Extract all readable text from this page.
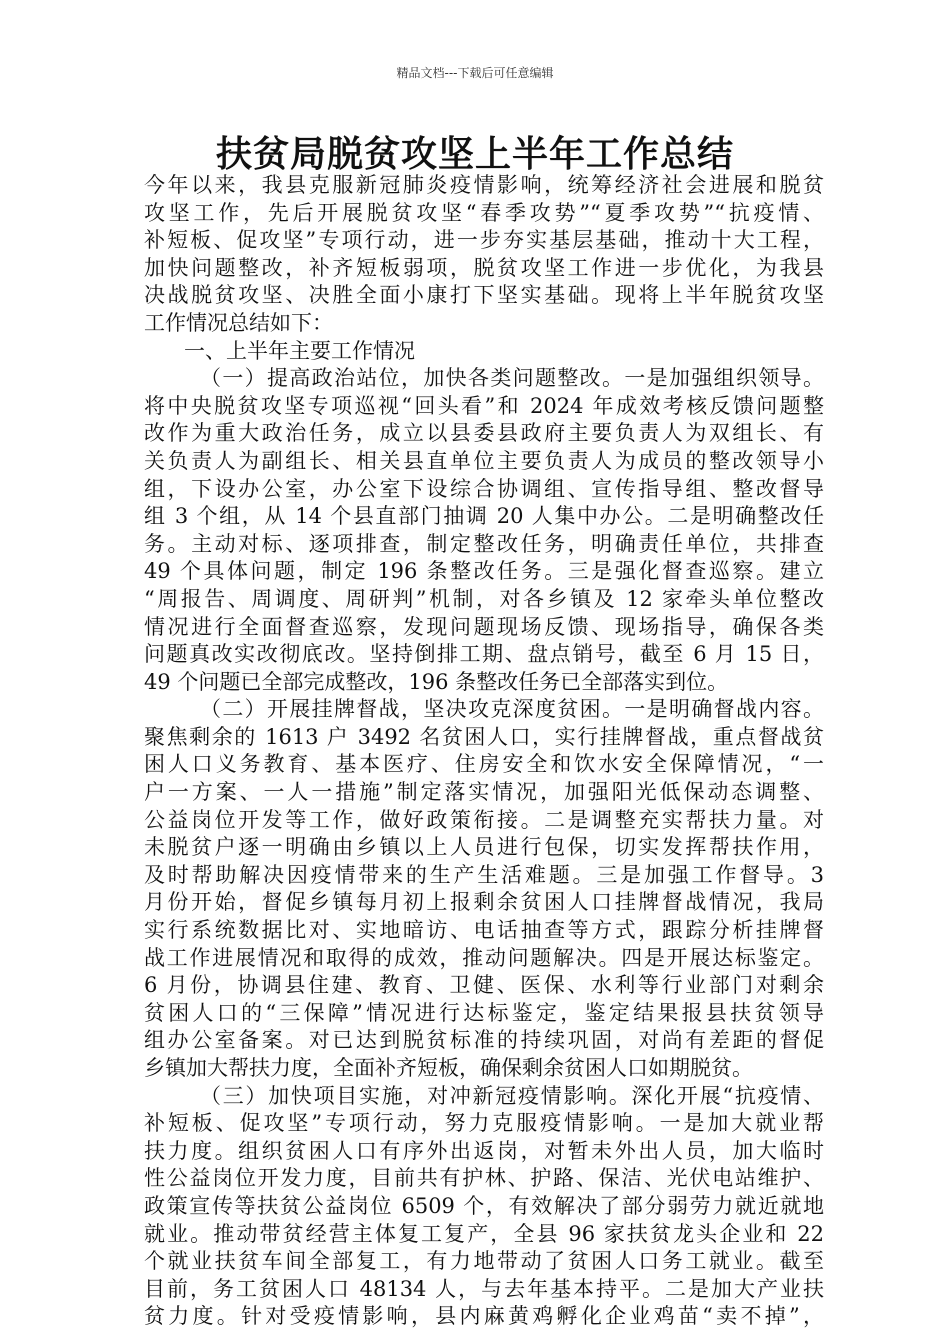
精品文档---下载后可任意编辑
扶贫局脱贫攻坚上半年工作总结
今年以来，我县克服新冠肺炎疫情影响，统筹经济社会进展和脱贫
攻坚工作，先后开展脱贫攻坚“春季攻势”“夏季攻势”“抗疫情、
补短板、促攻坚”专项行动，进一步夯实基层基础，推动十大工程，
加快问题整改，补齐短板弱项，脱贫攻坚工作进一步优化，为我县
决战脱贫攻坚、决胜全面小康打下坚实基础。现将上半年脱贫攻坚
工作情况总结如下：
一、上半年主要工作情况
（一）提高政治站位，加快各类问题整改。一是加强组织领导。
将中央脱贫攻坚专项巡视“回头看”和 2024 年成效考核反馈问题整
改作为重大政治任务，成立以县委县政府主要负责人为双组长、有
关负责人为副组长、相关县直单位主要负责人为成员的整改领导小
组，下设办公室，办公室下设综合协调组、宣传指导组、整改督导
组 3 个组，从 14 个县直部门抽调 20 人集中办公。二是明确整改任
务。主动对标、逐项排查，制定整改任务，明确责任单位，共排查
49 个具体问题，制定 196 条整改任务。三是强化督查巡察。建立
“周报告、周调度、周研判”机制，对各乡镇及 12 家牵头单位整改
情况进行全面督查巡察，发现问题现场反馈、现场指导，确保各类
问题真改实改彻底改。坚持倒排工期、盘点销号，截至 6 月 15 日，
49 个问题已全部完成整改，196 条整改任务已全部落实到位。
（二）开展挂牌督战，坚决攻克深度贫困。一是明确督战内容。
聚焦剩余的 1613 户 3492 名贫困人口，实行挂牌督战，重点督战贫
困人口义务教育、基本医疗、住房安全和饮水安全保障情况，“一
户一方案、一人一措施”制定落实情况，加强阳光低保动态调整、
公益岗位开发等工作，做好政策衔接。二是调整充实帮扶力量。对
未脱贫户逐一明确由乡镇以上人员进行包保，切实发挥帮扶作用，
及时帮助解决因疫情带来的生产生活难题。三是加强工作督导。3
月份开始，督促乡镇每月初上报剩余贫困人口挂牌督战情况，我局
实行系统数据比对、实地暗访、电话抽查等方式，跟踪分析挂牌督
战工作进展情况和取得的成效，推动问题解决。四是开展达标鉴定。
6 月份，协调县住建、教育、卫健、医保、水利等行业部门对剩余
贫困人口的“三保障”情况进行达标鉴定，鉴定结果报县扶贫领导
组办公室备案。对已达到脱贫标准的持续巩固，对尚有差距的督促
乡镇加大帮扶力度，全面补齐短板，确保剩余贫困人口如期脱贫。
（三）加快项目实施，对冲新冠疫情影响。深化开展“抗疫情、
补短板、促攻坚”专项行动，努力克服疫情影响。一是加大就业帮
扶力度。组织贫困人口有序外出返岗，对暂未外出人员，加大临时
性公益岗位开发力度，目前共有护林、护路、保洁、光伏电站维护、
政策宣传等扶贫公益岗位 6509 个，有效解决了部分弱劳力就近就地
就业。推动带贫经营主体复工复产，全县 96 家扶贫龙头企业和 22
个就业扶贫车间全部复工，有力地带动了贫困人口务工就业。截至
目前，务工贫困人口 48134 人，与去年基本持平。二是加大产业扶
贫力度。针对受疫情影响，县内麻黄鸡孵化企业鸡苗“卖不掉”，
